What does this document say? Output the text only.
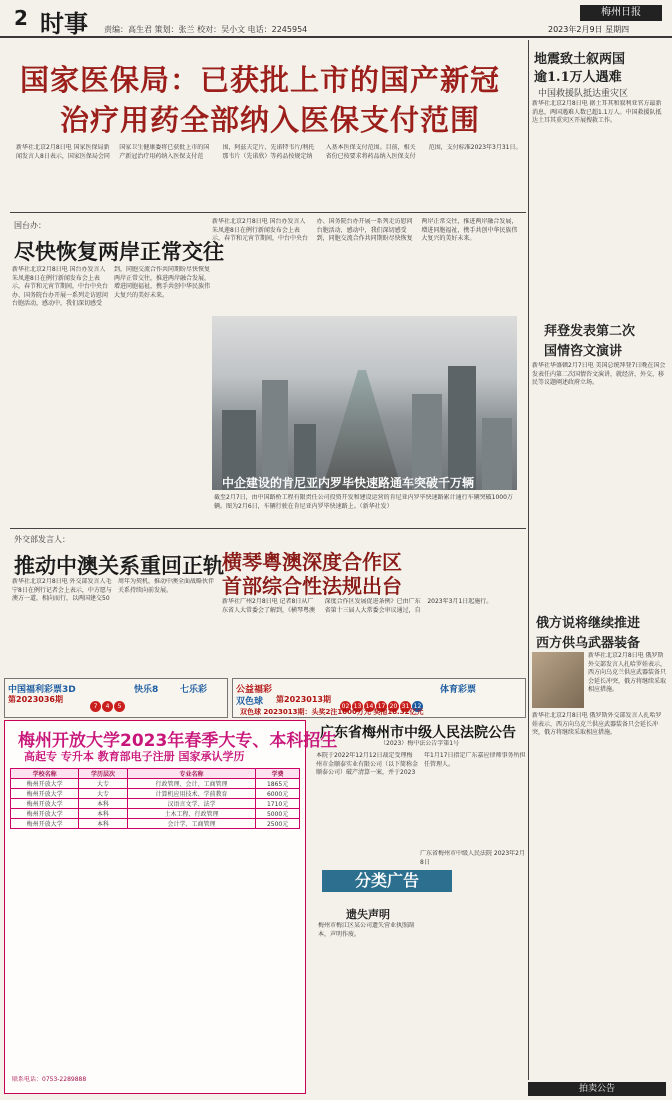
2 时事 责编：高生君 策划：张兰 校对：吴小文 电话：2245954
梅州日报
2023年2月9日 星期四
国家医保局：已获批上市的国产新冠
治疗用药全部纳入医保支付范围
新华社北京2月8日电 国家医保局新闻发言人8日表示，国家医保局会同国家卫生健康委将已获批上市的国产新冠治疗用药纳入医保支付范围，阿兹夫定片、先诺特韦片/利托那韦片（先诺欣）等药品按规定纳入基本医保支付范围。目前，相关省份已按要求将药品纳入医保支付范围，支付标准2023年3月31日。
国台办：
尽快恢复两岸正常交往
新华社北京2月8日电 国台办发言人朱凤莲8日在例行新闻发布会上表示，春节和元宵节期间，中台中央台办、国务院台办开展一系列走访慰问台胞活动，感动中，我们深切感受到，同胞交流合作共同期盼尽快恢复两岸正常交往，推进两岸融合发展，增进同胞福祉，携手共创中华民族伟大复兴的美好未来。
新华社北京2月8日电 国台办发言人朱凤莲8日在例行新闻发布会上表示，春节和元宵节期间，中台中央台办、国务院台办开展一系列走访慰问台胞活动，感动中，我们深切感受到，同胞交流合作共同期盼尽快恢复两岸正常交往，推进两岸融合发展，增进同胞福祉，携手共创中华民族伟大复兴的美好未来。
中企建设的肯尼亚内罗毕快速路通车突破千万辆
截至2月7日，由中国路桥工程有限责任公司投资开发和建设运营的肯尼亚内罗毕快速路累计通行车辆突破1000万辆。图为2月6日，车辆行驶在肯尼亚内罗毕快速路上。（新华社发）
外交部发言人：
推动中澳关系重回正轨
新华社北京2月8日电 外交部发言人毛宁8日在例行记者会上表示，中方愿与澳方一道，相向而行，以两国建交50周年为契机，推动中澳全面战略伙伴关系持续向前发展。
横琴粤澳深度合作区
首部综合性法规出台
新华社广州2月8日电 记者8日从广东省人大常委会了解到，《横琴粤澳深度合作区发展促进条例》已由广东省第十三届人大常委会审议通过，自2023年3月1日起施行。
地震致土叙两国
逾1.1万人遇难
中国救援队抵达重灾区
新华社北京2月8日电 据土耳其和叙利亚官方最新消息，两国遇难人数已超1.1万人。中国救援队抵达土耳其重灾区开展搜救工作。
拜登发表第二次
国情咨文演讲
新华社华盛顿2月7日电 美国总统拜登7日晚在国会发表任内第二次国情咨文演讲，就经济、外交、移民等议题阐述政府立场。
俄方说将继续推进
西方供乌武器装备
新华社北京2月8日电 俄罗斯外交部发言人扎哈罗娃表示，西方向乌克兰供应武器装备只会延长冲突，俄方将继续采取相应措施。
新华社北京2月8日电 俄罗斯外交部发言人扎哈罗娃表示，西方向乌克兰供应武器装备只会延长冲突，俄方将继续采取相应措施。
拍卖公告
中国福利彩票3D
第2023036期
7 4 5
快乐8 七乐彩	公益福彩
双色球 第2023013期
02 13 14 17 20 31 12
体育彩票
双色球 2023013期：头奖2注1000万元 奖池18.32亿元
梅州开放大学2023年春季大专、本科招生
高起专 专升本 教育部电子注册 国家承认学历
学校名称	学历层次	专业名称	学费
梅州开放大学	大专	行政管理、会计、工商管理	1865元
梅州开放大学	大专	计算机应用技术、学前教育	6000元
梅州开放大学	本科	汉语言文学、法学	1710元
梅州开放大学	本科	土木工程、行政管理	5000元
梅州开放大学	本科	会计学、工商管理	2500元
联系电话：0753-2289888
广东省梅州市中级人民法院公告
（2023）梅中法公告字第1号
本院于2022年12月12日裁定受理梅州市金顺泰实业有限公司（以下简称金顺泰公司）破产清算一案，并于2023年1月17日指定广东嘉应律师事务所担任管理人。
广东省梅州市中级人民法院 2023年2月8日
分类广告
遗失声明
梅州市梅江区某公司遗失营业执照副本，声明作废。
